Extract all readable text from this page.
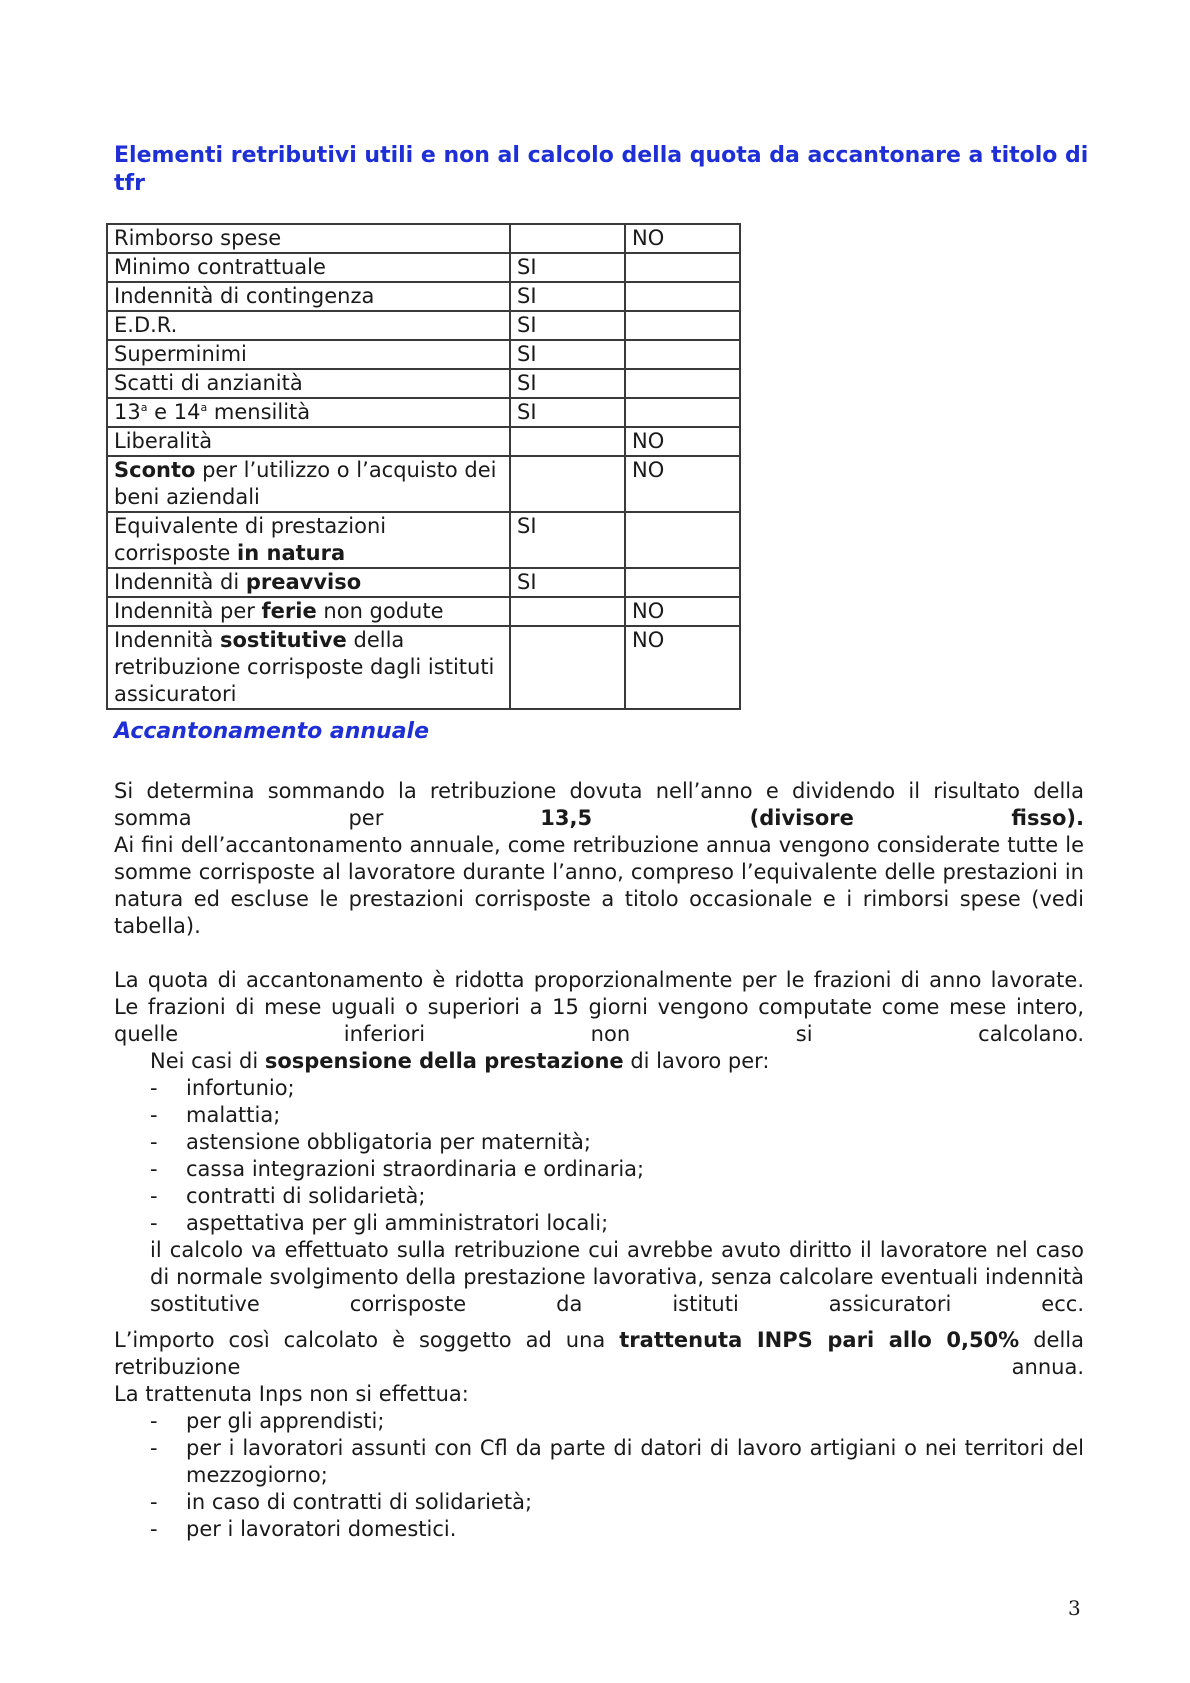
Elementi retributivi utili e non al calcolo della quota da accantonare a titolo di tfr
Rimborso spese		NO
Minimo contrattuale	SI	
Indennità di contingenza	SI	
E.D.R.	SI	
Superminimi	SI	
Scatti di anzianità	SI	
13$^a$ e 14$^a$ mensilità	SI	
Liberalità		NO
Sconto per l’utilizzo o l’acquisto dei beni aziendali		NO
Equivalente di prestazioni corrisposte in natura	SI	
Indennità di preavviso	SI	
Indennità per ferie non godute		NO
Indennità sostitutive della retribuzione corrisposte dagli istituti assicuratori		NO
Accantonamento annuale

Si determina sommando la retribuzione dovuta nell’anno e dividendo il risultato della somma per 13,5 (divisore fisso).

Ai fini dell’accantonamento annuale, come retribuzione annua vengono considerate tutte le somme corrisposte al lavoratore durante l’anno, compreso l’equivalente delle prestazioni in natura ed escluse le prestazioni corrisposte a titolo occasionale e i rimborsi spese (vedi tabella).

La quota di accantonamento è ridotta proporzionalmente per le frazioni di anno lavorate. Le frazioni di mese uguali o superiori a 15 giorni vengono computate come mese intero, quelle inferiori non si calcolano.

Nei casi di sospensione della prestazione di lavoro per:

- infortunio;
- malattia;
- astensione obbligatoria per maternità;
- cassa integrazioni straordinaria e ordinaria;
- contratti di solidarietà;
- aspettativa per gli amministratori locali;

il calcolo va effettuato sulla retribuzione cui avrebbe avuto diritto il lavoratore nel caso di normale svolgimento della prestazione lavorativa, senza calcolare eventuali indennità sostitutive corrisposte da istituti assicuratori ecc.

L’importo così calcolato è soggetto ad una trattenuta INPS pari allo 0,50% della retribuzione annua.

La trattenuta Inps non si effettua:

- per gli apprendisti;
- per i lavoratori assunti con Cfl da parte di datori di lavoro artigiani o nei territori del mezzogiorno;
- in caso di contratti di solidarietà;
- per i lavoratori domestici.
3
